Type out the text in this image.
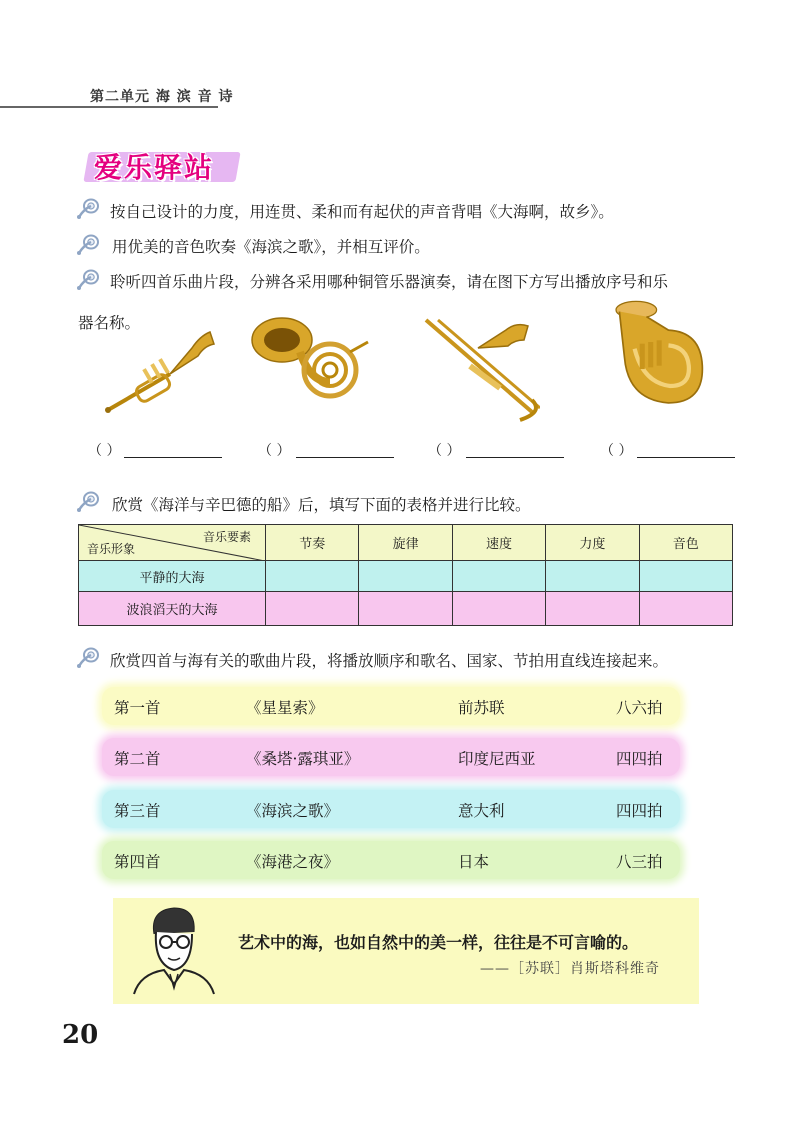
第二单元 海 滨 音 诗
爱乐驿站
按自己设计的力度，用连贯、柔和而有起伏的声音背唱《大海啊，故乡》。
用优美的音色吹奏《海滨之歌》，并相互评价。
聆听四首乐曲片段，分辨各采用哪种铜管乐器演奏，请在图下方写出播放序号和乐
器名称。
（ ）	（ ）	（ ）	（ ）
欣赏《海洋与辛巴德的船》后，填写下面的表格并进行比较。
音乐要素
音乐形象	节奏	旋律	速度	力度	音色
平静的大海					
波浪滔天的大海					
欣赏四首与海有关的歌曲片段，将播放顺序和歌名、国家、节拍用直线连接起来。
第一首	《星星索》	前苏联	八六拍
第二首	《桑塔·露琪亚》	印度尼西亚	四四拍
第三首	《海滨之歌》	意大利	四四拍
第四首	《海港之夜》	日本	八三拍
艺术中的海，也如自然中的美一样，往往是不可言喻的。
——［苏联］肖斯塔科维奇
20
